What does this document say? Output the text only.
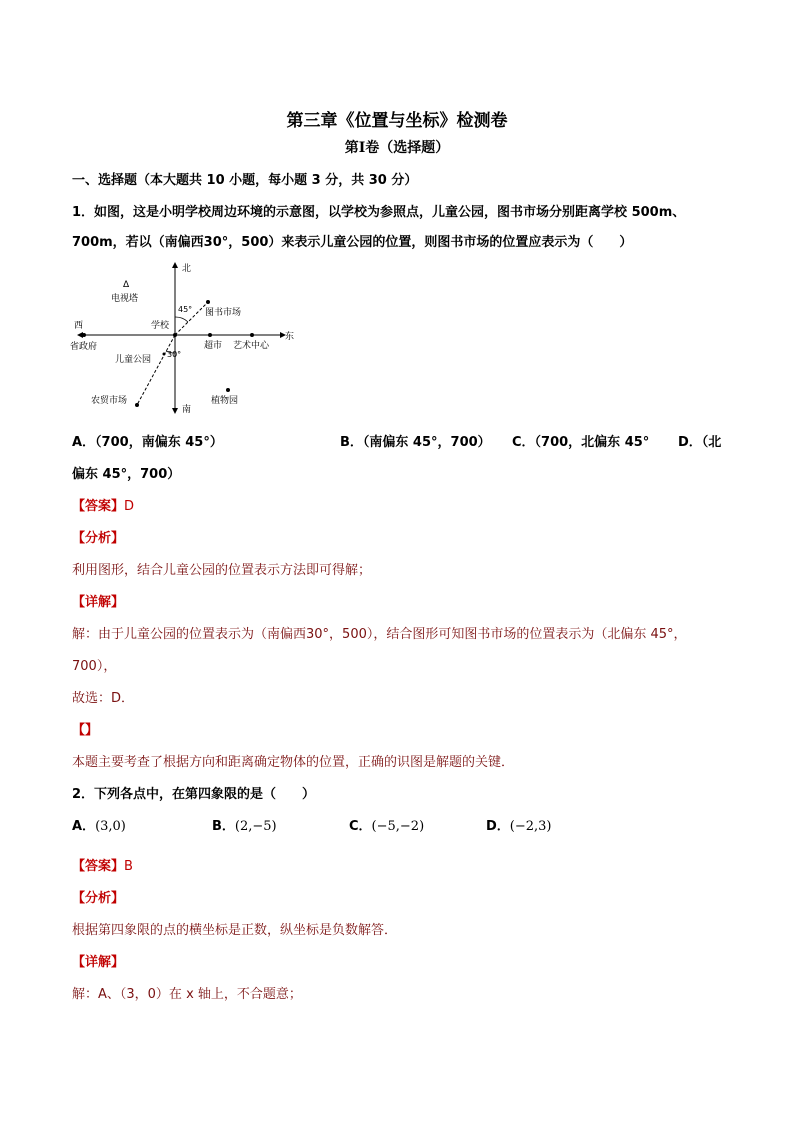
第三章《位置与坐标》检测卷
第I卷（选择题）
一、选择题（本大题共 10 小题，每小题 3 分，共 30 分）
1．如图，这是小明学校周边环境的示意图，以学校为参照点，儿童公园，图书市场分别距离学校 500m、
700m，若以（南偏西30°，500）来表示儿童公园的位置，则图书市场的位置应表示为（　　）
北
南
东
西
Δ
电视塔
学校
图书市场
45°
30°
省政府	超市 艺术中心
儿童公园
农贸市场	植物园
A．（700，南偏东 45°）	B．（南偏东 45°，700） C．（700，北偏东 45° D．（北
偏东 45°，700）
【答案】D
【分析】
利用图形，结合儿童公园的位置表示方法即可得解；
【详解】
解：由于儿童公园的位置表示为（南偏西30°，500），结合图形可知图书市场的位置表示为（北偏东 45°，
700），
故选：D．
【】
本题主要考查了根据方向和距离确定物体的位置，正确的识图是解题的关键．
2．下列各点中，在第四象限的是（　　）
A．(3,0)	B．(2,−5)	C．(−5,−2)	D．(−2,3)
【答案】B
【分析】
根据第四象限的点的横坐标是正数，纵坐标是负数解答．
【详解】
解：A、（3，0）在 x 轴上，不合题意；
